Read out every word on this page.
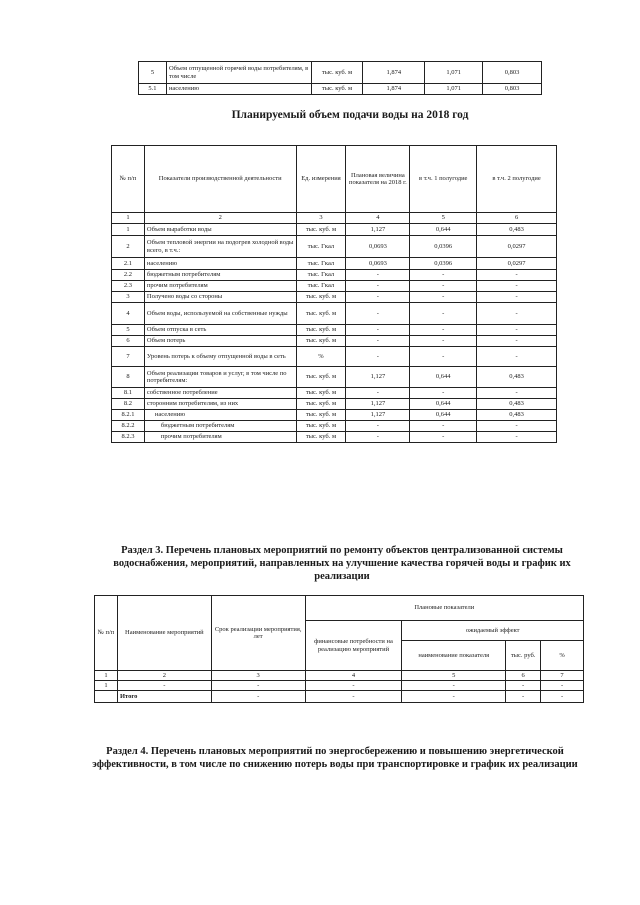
5	Объем отпущенной горячей воды потребителям, в том числе	тыс. куб. м	1,874	1,071	0,803
5.1	населению	тыс. куб. м	1,874	1,071	0,803
Планируемый объем подачи воды на 2018 год
№ п/п	Показатели производственной деятельности	Ед. измерения	Плановая величина показателя на 2018 г.	в т.ч. 1 полугодие	в т.ч. 2 полугодие
1	2	3	4	5	6
1	Объем выработки воды	тыс. куб. м	1,127	0,644	0,483
2	Объем тепловой энергии на подогрев холодной воды всего, в т.ч.:	тыс. Гкал	0,0693	0,0396	0,0297
2.1	населению	тыс. Гкал	0,0693	0,0396	0,0297
2.2	бюджетным потребителям	тыс. Гкал	-	-	-
2.3	прочим потребителям	тыс. Гкал	-	-	-
3	Получено воды со стороны	тыс. куб. м	-	-	-
4	Объем воды, используемой на собственные нужды	тыс. куб. м	-	-	-
5	Объем отпуска в сеть	тыс. куб. м	-	-	-
6	Объем потерь	тыс. куб. м	-	-	-
7	Уровень потерь к объему отпущенной воды в сеть	%	-	-	-
8	Объем реализации товаров и услуг, в том числе по потребителям:	тыс. куб. м	1,127	0,644	0,483
8.1	собственное потребление	тыс. куб. м	-	-	-
8.2	сторонним потребителям, из них	тыс. куб. м	1,127	0,644	0,483
8.2.1	населению	тыс. куб. м	1,127	0,644	0,483
8.2.2	бюджетным потребителям	тыс. куб. м	-	-	-
8.2.3	прочим потребителям	тыс. куб. м	-	-	-
Раздел 3. Перечень плановых мероприятий по ремонту объектов централизованной системы водоснабжения, мероприятий, направленных на улучшение качества горячей воды и график их реализации
№ п/п	Наименование мероприятий	Срок реализации мероприятия, лет	Плановые показатели			
			финансовые потребности на реализацию мероприятий	ожидаемый эффект		
				наименование показателя	тыс. руб.	%
1	2	3	4	5	6	7
1	-	-	-	-	-	-
	Итого	-	-	-	-	-
Раздел 4. Перечень плановых мероприятий по энергосбережению и повышению энергетической эффективности, в том числе по снижению потерь воды при транспортировке и график их реализации
